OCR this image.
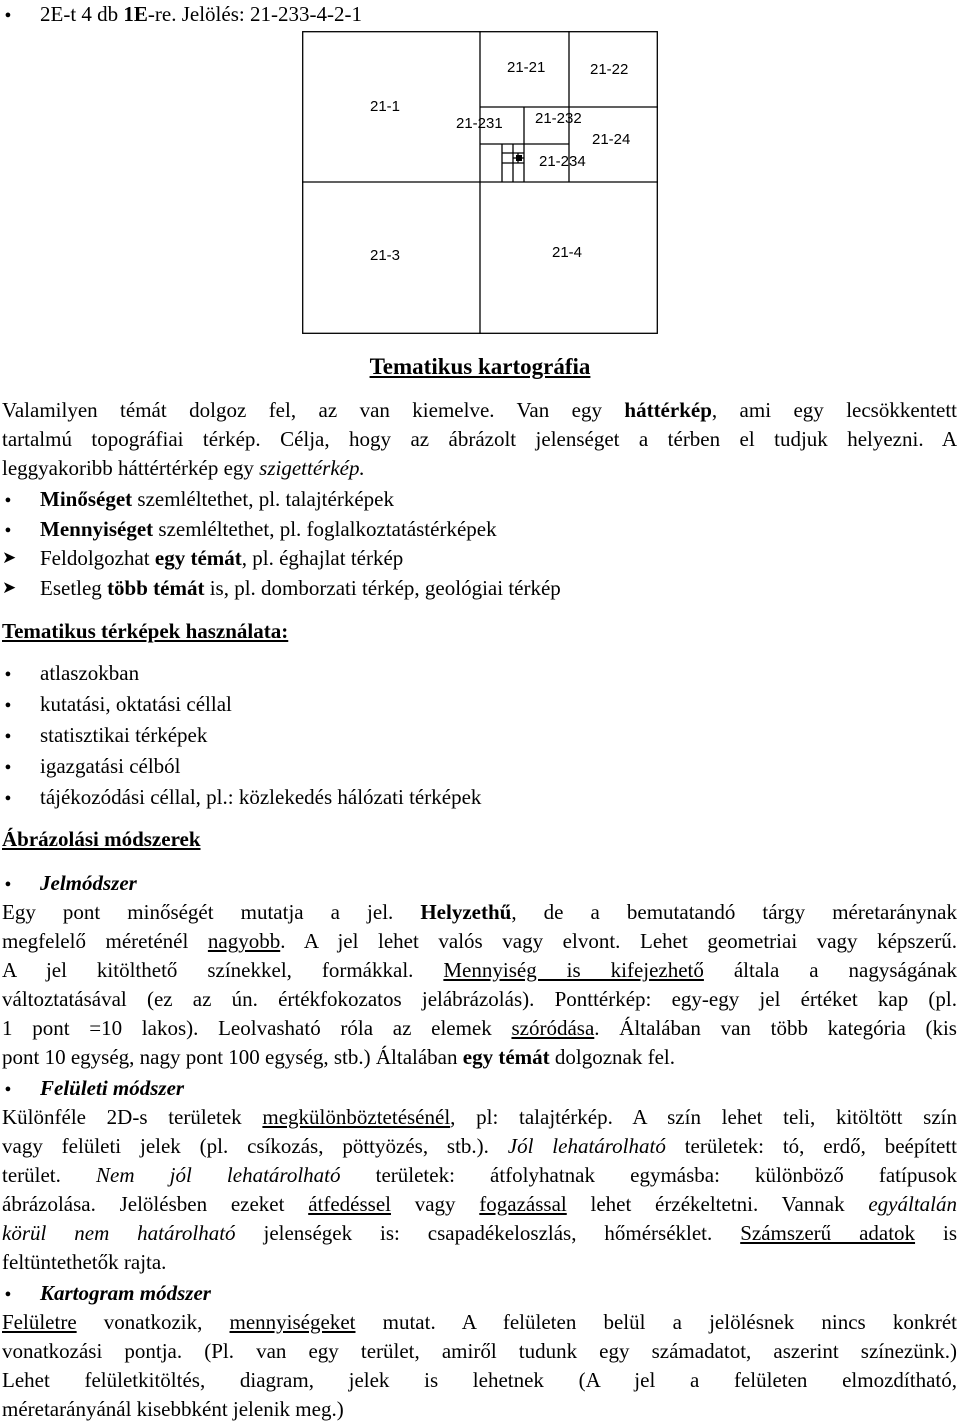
●
2E-t 4 db 1E-re. Jelölés: 21-233-4-2-1
21-1
21-21	21-22
21-231 21-232
21-24
21-234
21-3	21-4
Tematikus kartográfia
Valamilyen témát dolgoz fel, az van kiemelve. Van egy háttérkép, ami egy lecsökkentett
tartalmú topográfiai térkép. Célja, hogy az ábrázolt jelenséget a térben el tudjuk helyezni. A
leggyakoribb háttértérkép egy szigettérkép.
●
Minőséget szemléltethet, pl. talajtérképek
●
Mennyiséget szemléltethet, pl. foglalkoztatástérképek
➤ Feldolgozhat egy témát, pl. éghajlat térkép
➤ Esetleg több témát is, pl. domborzati térkép, geológiai térkép
Tematikus térképek használata:
●
atlaszokban
●
kutatási, oktatási céllal
●
statisztikai térképek
●
igazgatási célból
●
tájékozódási céllal, pl.: közlekedés hálózati térképek
Ábrázolási módszerek
●
Jelmódszer
Egy pont minőségét mutatja a jel. Helyzethű, de a bemutatandó tárgy méretaránynak
megfelelő méreténél nagyobb. A jel lehet valós vagy elvont. Lehet geometriai vagy képszerű.
A jel kitölthető színekkel, formákkal. Mennyiség is kifejezhető általa a nagyságának
változtatásával (ez az ún. értékfokozatos jelábrázolás). Ponttérkép: egy-egy jel értéket kap (pl.
1 pont =10 lakos). Leolvasható róla az elemek szóródása. Általában van több kategória (kis
pont 10 egység, nagy pont 100 egység, stb.) Általában egy témát dolgoznak fel.
●
Felületi módszer
Különféle 2D-s területek megkülönböztetésénél, pl: talajtérkép. A szín lehet teli, kitöltött szín
vagy felületi jelek (pl. csíkozás, pöttyözés, stb.). Jól lehatárolható területek: tó, erdő, beépített
terület. Nem jól lehatárolható területek: átfolyhatnak egymásba: különböző fatípusok
ábrázolása. Jelölésben ezeket átfedéssel vagy fogazással lehet érzékeltetni. Vannak egyáltalán
körül nem határolható jelenségek is: csapadékeloszlás, hőmérséklet. Számszerű adatok is
feltüntethetők rajta.
●
Kartogram módszer
Felületre vonatkozik, mennyiségeket mutat. A felületen belül a jelölésnek nincs konkrét
vonatkozási pontja. (Pl. van egy terület, amiről tudunk egy számadatot, aszerint színezünk.)
Lehet felületkitöltés, diagram, jelek is lehetnek (A jel a felületen elmozdítható,
méretarányánál kisebbként jelenik meg.)
